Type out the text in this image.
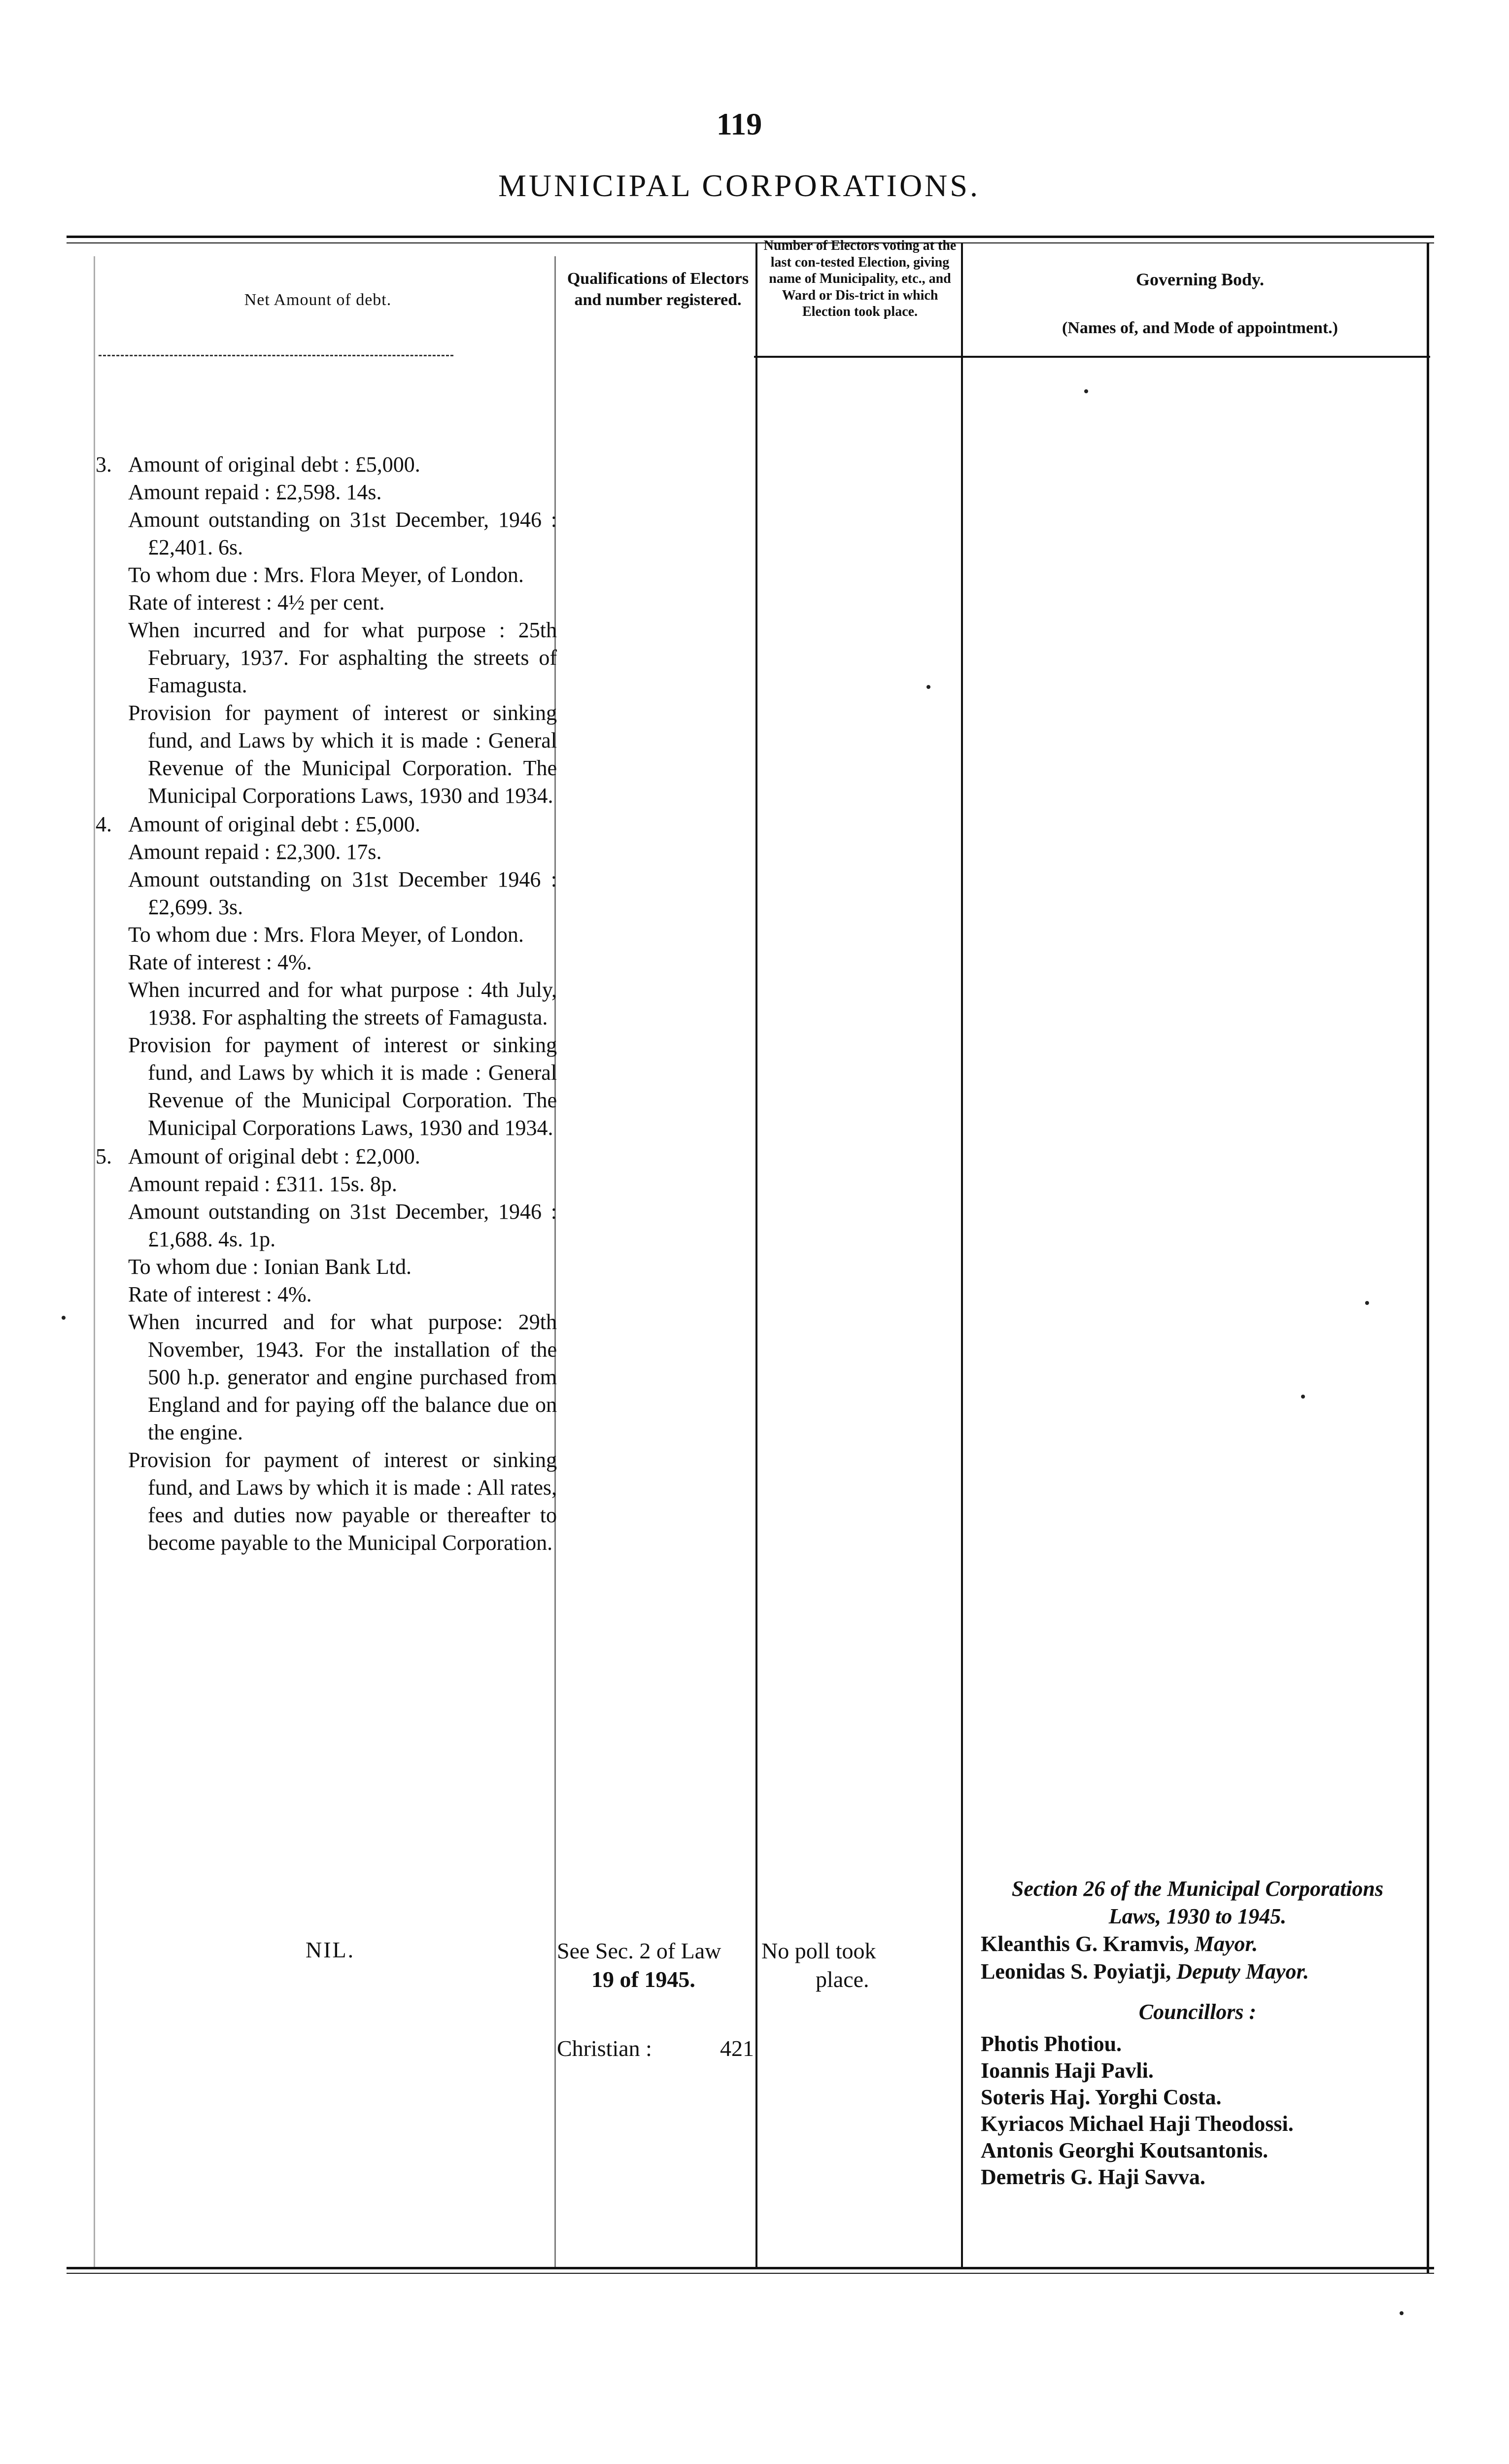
119
MUNICIPAL CORPORATIONS.
Net Amount of debt.
Qualifications of Electors and number registered.
Number of Electors voting at the last con-tested Election, giving name of Municipality, etc., and Ward or Dis-trict in which Election took place.
Governing Body.
(Names of, and Mode of appointment.)
3. Amount of original debt : £5,000.
Amount repaid : £2,598. 14s.
Amount outstanding on 31st December, 1946 : £2,401. 6s.
To whom due : Mrs. Flora Meyer, of London.
Rate of interest : 4½ per cent.
When incurred and for what purpose : 25th February, 1937. For asphalting the streets of Famagusta.
Provision for payment of interest or sinking fund, and Laws by which it is made : General Revenue of the Municipal Corporation. The Municipal Corporations Laws, 1930 and 1934.
4. Amount of original debt : £5,000.
Amount repaid : £2,300. 17s.
Amount outstanding on 31st December 1946 : £2,699. 3s.
To whom due : Mrs. Flora Meyer, of London.
Rate of interest : 4%.
When incurred and for what purpose : 4th July, 1938. For asphalting the streets of Famagusta.
Provision for payment of interest or sinking fund, and Laws by which it is made : General Revenue of the Municipal Corporation. The Municipal Corporations Laws, 1930 and 1934.
5. Amount of original debt : £2,000.
Amount repaid : £311. 15s. 8p.
Amount outstanding on 31st December, 1946 : £1,688. 4s. 1p.
To whom due : Ionian Bank Ltd.
Rate of interest : 4%.
When incurred and for what purpose: 29th November, 1943. For the installation of the 500 h.p. generator and engine purchased from England and for paying off the balance due on the engine.
Provision for payment of interest or sinking fund, and Laws by which it is made : All rates, fees and duties now payable or thereafter to become payable to the Municipal Corporation.
NIL.	See Sec. 2 of Law
19 of 1945.
Christian :	421
No poll took
place.
Section 26 of the Municipal Corporations
Laws, 1930 to 1945.
Kleanthis G. Kramvis, Mayor.
Leonidas S. Poyiatji, Deputy Mayor.
Councillors :
Photis Photiou.
Ioannis Haji Pavli.
Soteris Haj. Yorghi Costa.
Kyriacos Michael Haji Theodossi.
Antonis Georghi Koutsantonis.
Demetris G. Haji Savva.
